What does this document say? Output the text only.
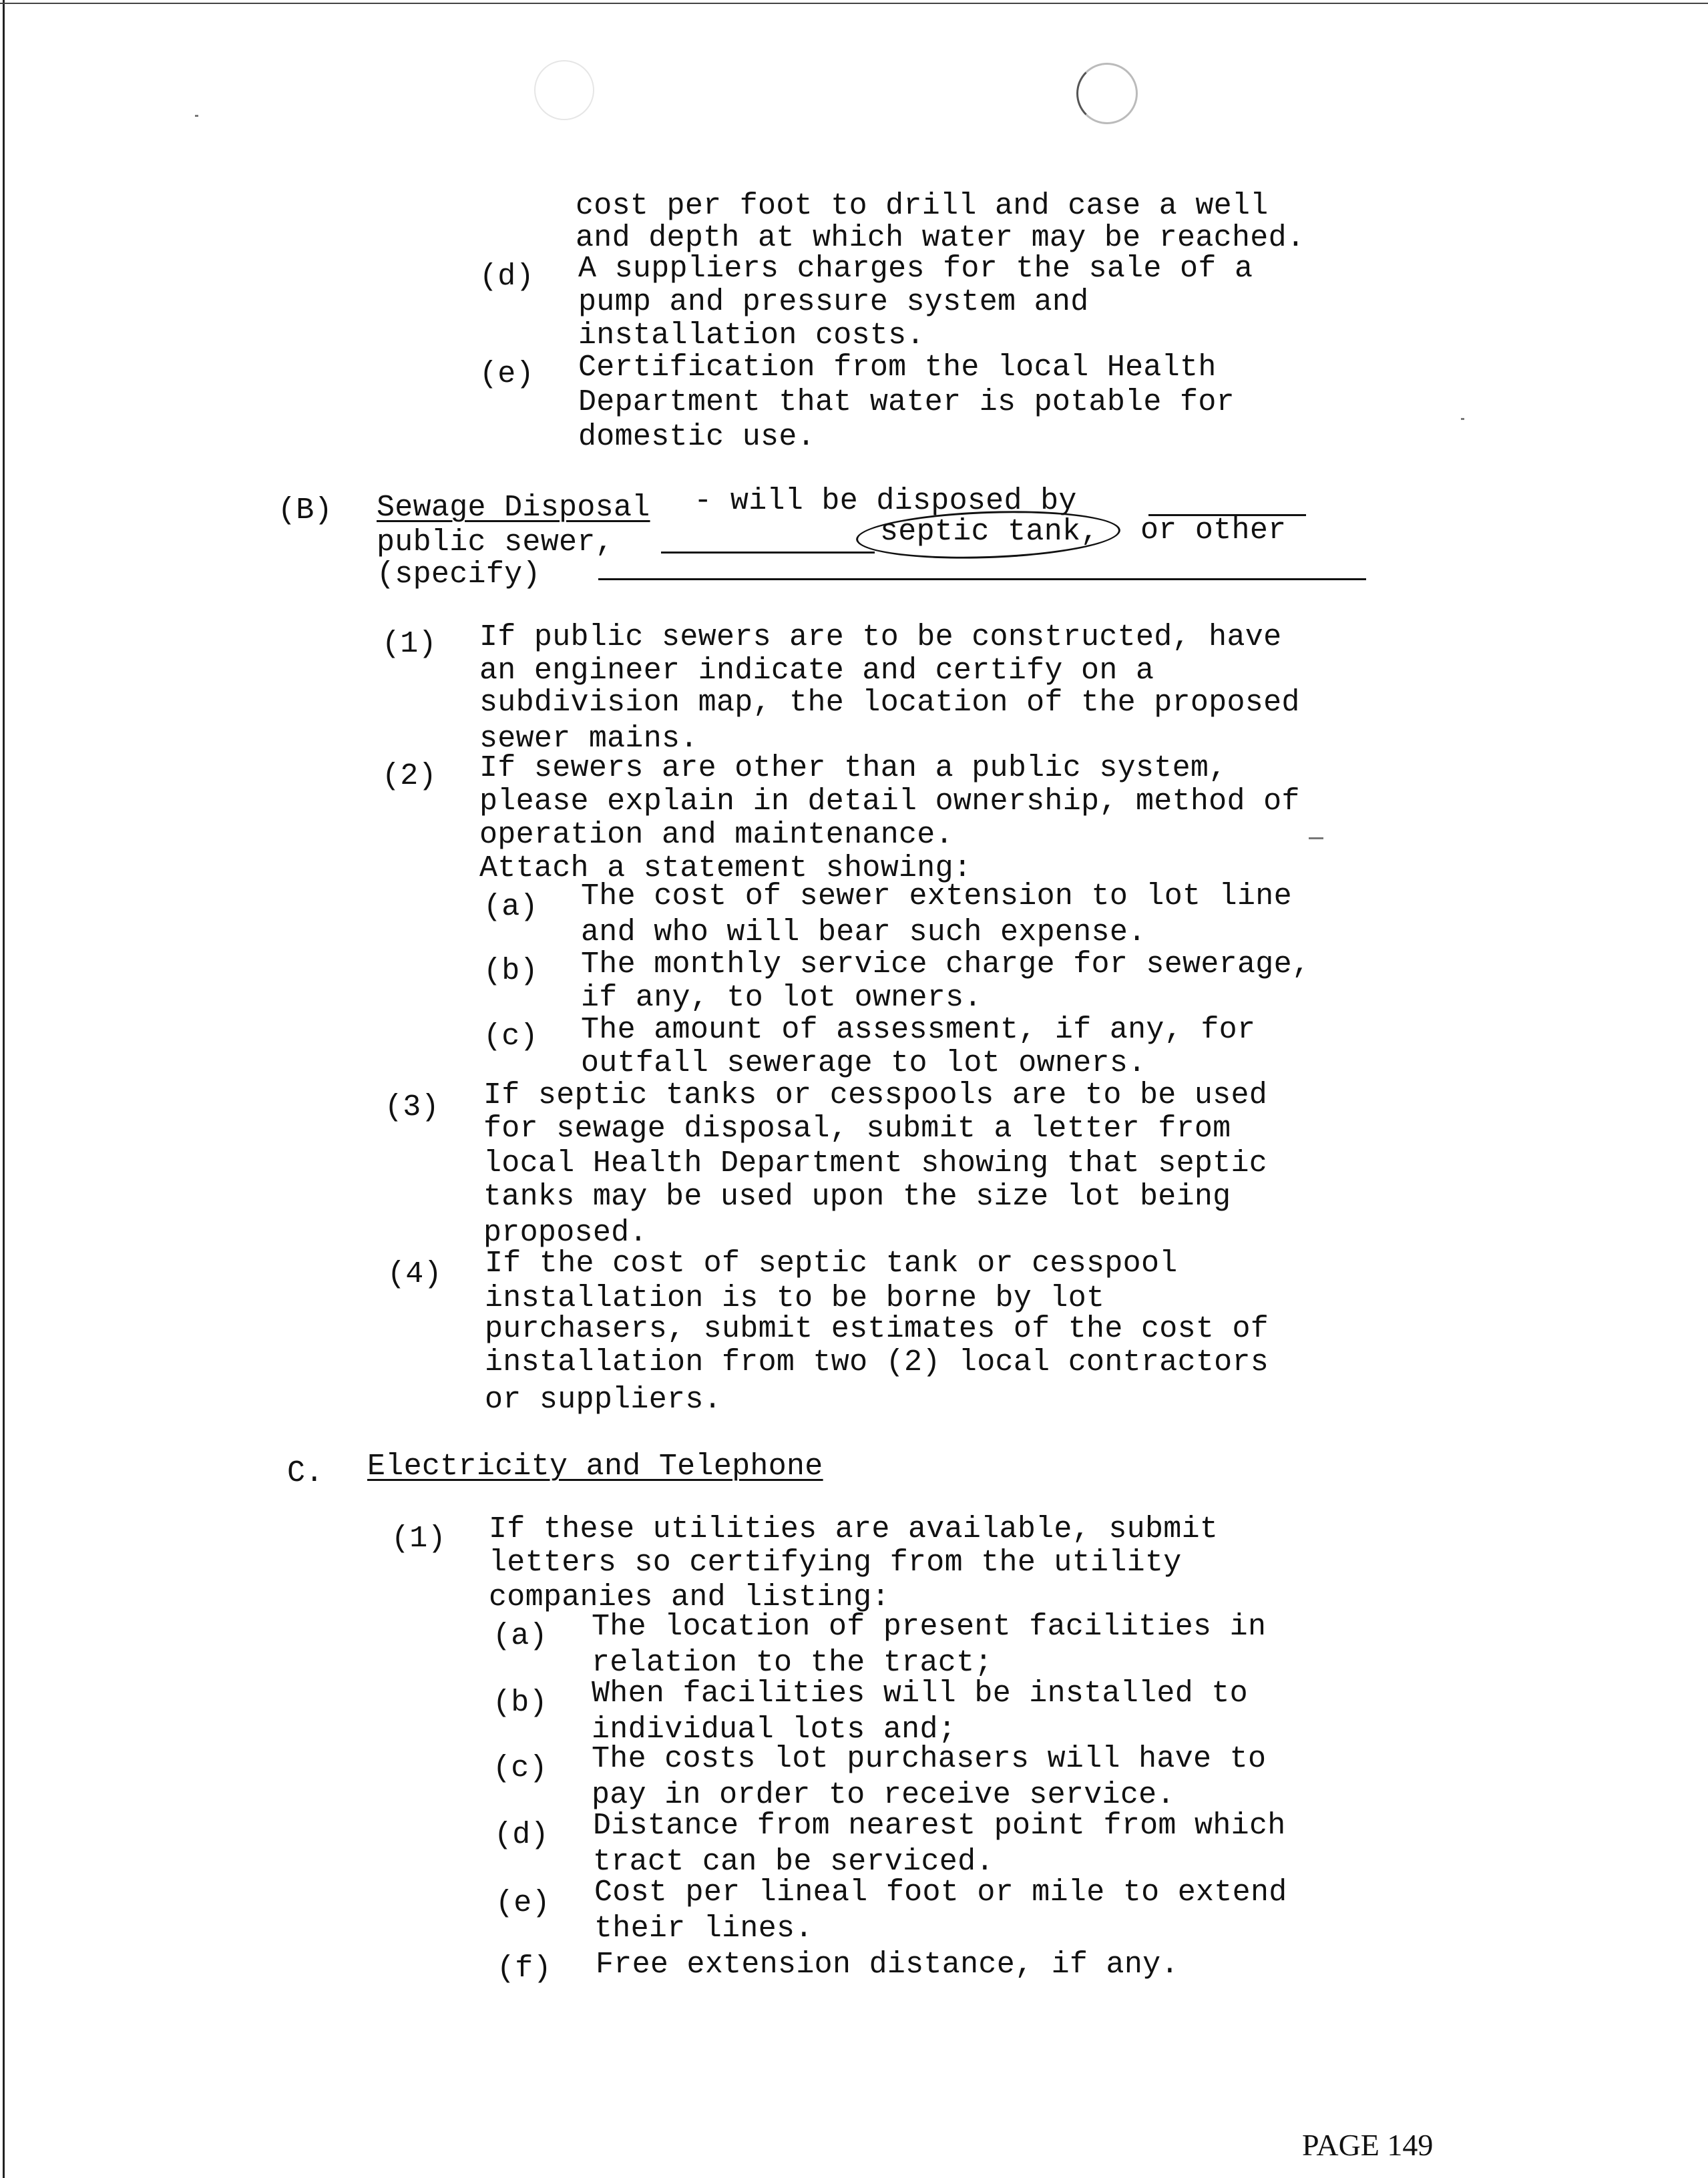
cost per foot to drill and case a well
and depth at which water may be reached.
(d) A suppliers charges for the sale of a
pump and pressure system and
installation costs.
(e) Certification from the local Health
Department that water is potable for
domestic use.
(B) Sewage Disposal - will be disposed by
public sewer,	septic tank, or other
(specify)
(1) If public sewers are to be constructed, have
an engineer indicate and certify on a
subdivision map, the location of the proposed
sewer mains.
(2) If sewers are other than a public system,
please explain in detail ownership, method of
operation and maintenance.
Attach a statement showing:
(a) The cost of sewer extension to lot line
and who will bear such expense.
(b) The monthly service charge for sewerage,
if any, to lot owners.
(c) The amount of assessment, if any, for
outfall sewerage to lot owners.
(3) If septic tanks or cesspools are to be used
for sewage disposal, submit a letter from
local Health Department showing that septic
tanks may be used upon the size lot being
proposed.
(4) If the cost of septic tank or cesspool
installation is to be borne by lot
purchasers, submit estimates of the cost of
installation from two (2) local contractors
or suppliers.
C. Electricity and Telephone
(1) If these utilities are available, submit
letters so certifying from the utility
companies and listing:
(a) The location of present facilities in
relation to the tract;
(b) When facilities will be installed to
individual lots and;
(c) The costs lot purchasers will have to
pay in order to receive service.
(d) Distance from nearest point from which
tract can be serviced.
(e) Cost per lineal foot or mile to extend
their lines.
(f) Free extension distance, if any.
PAGE 149
